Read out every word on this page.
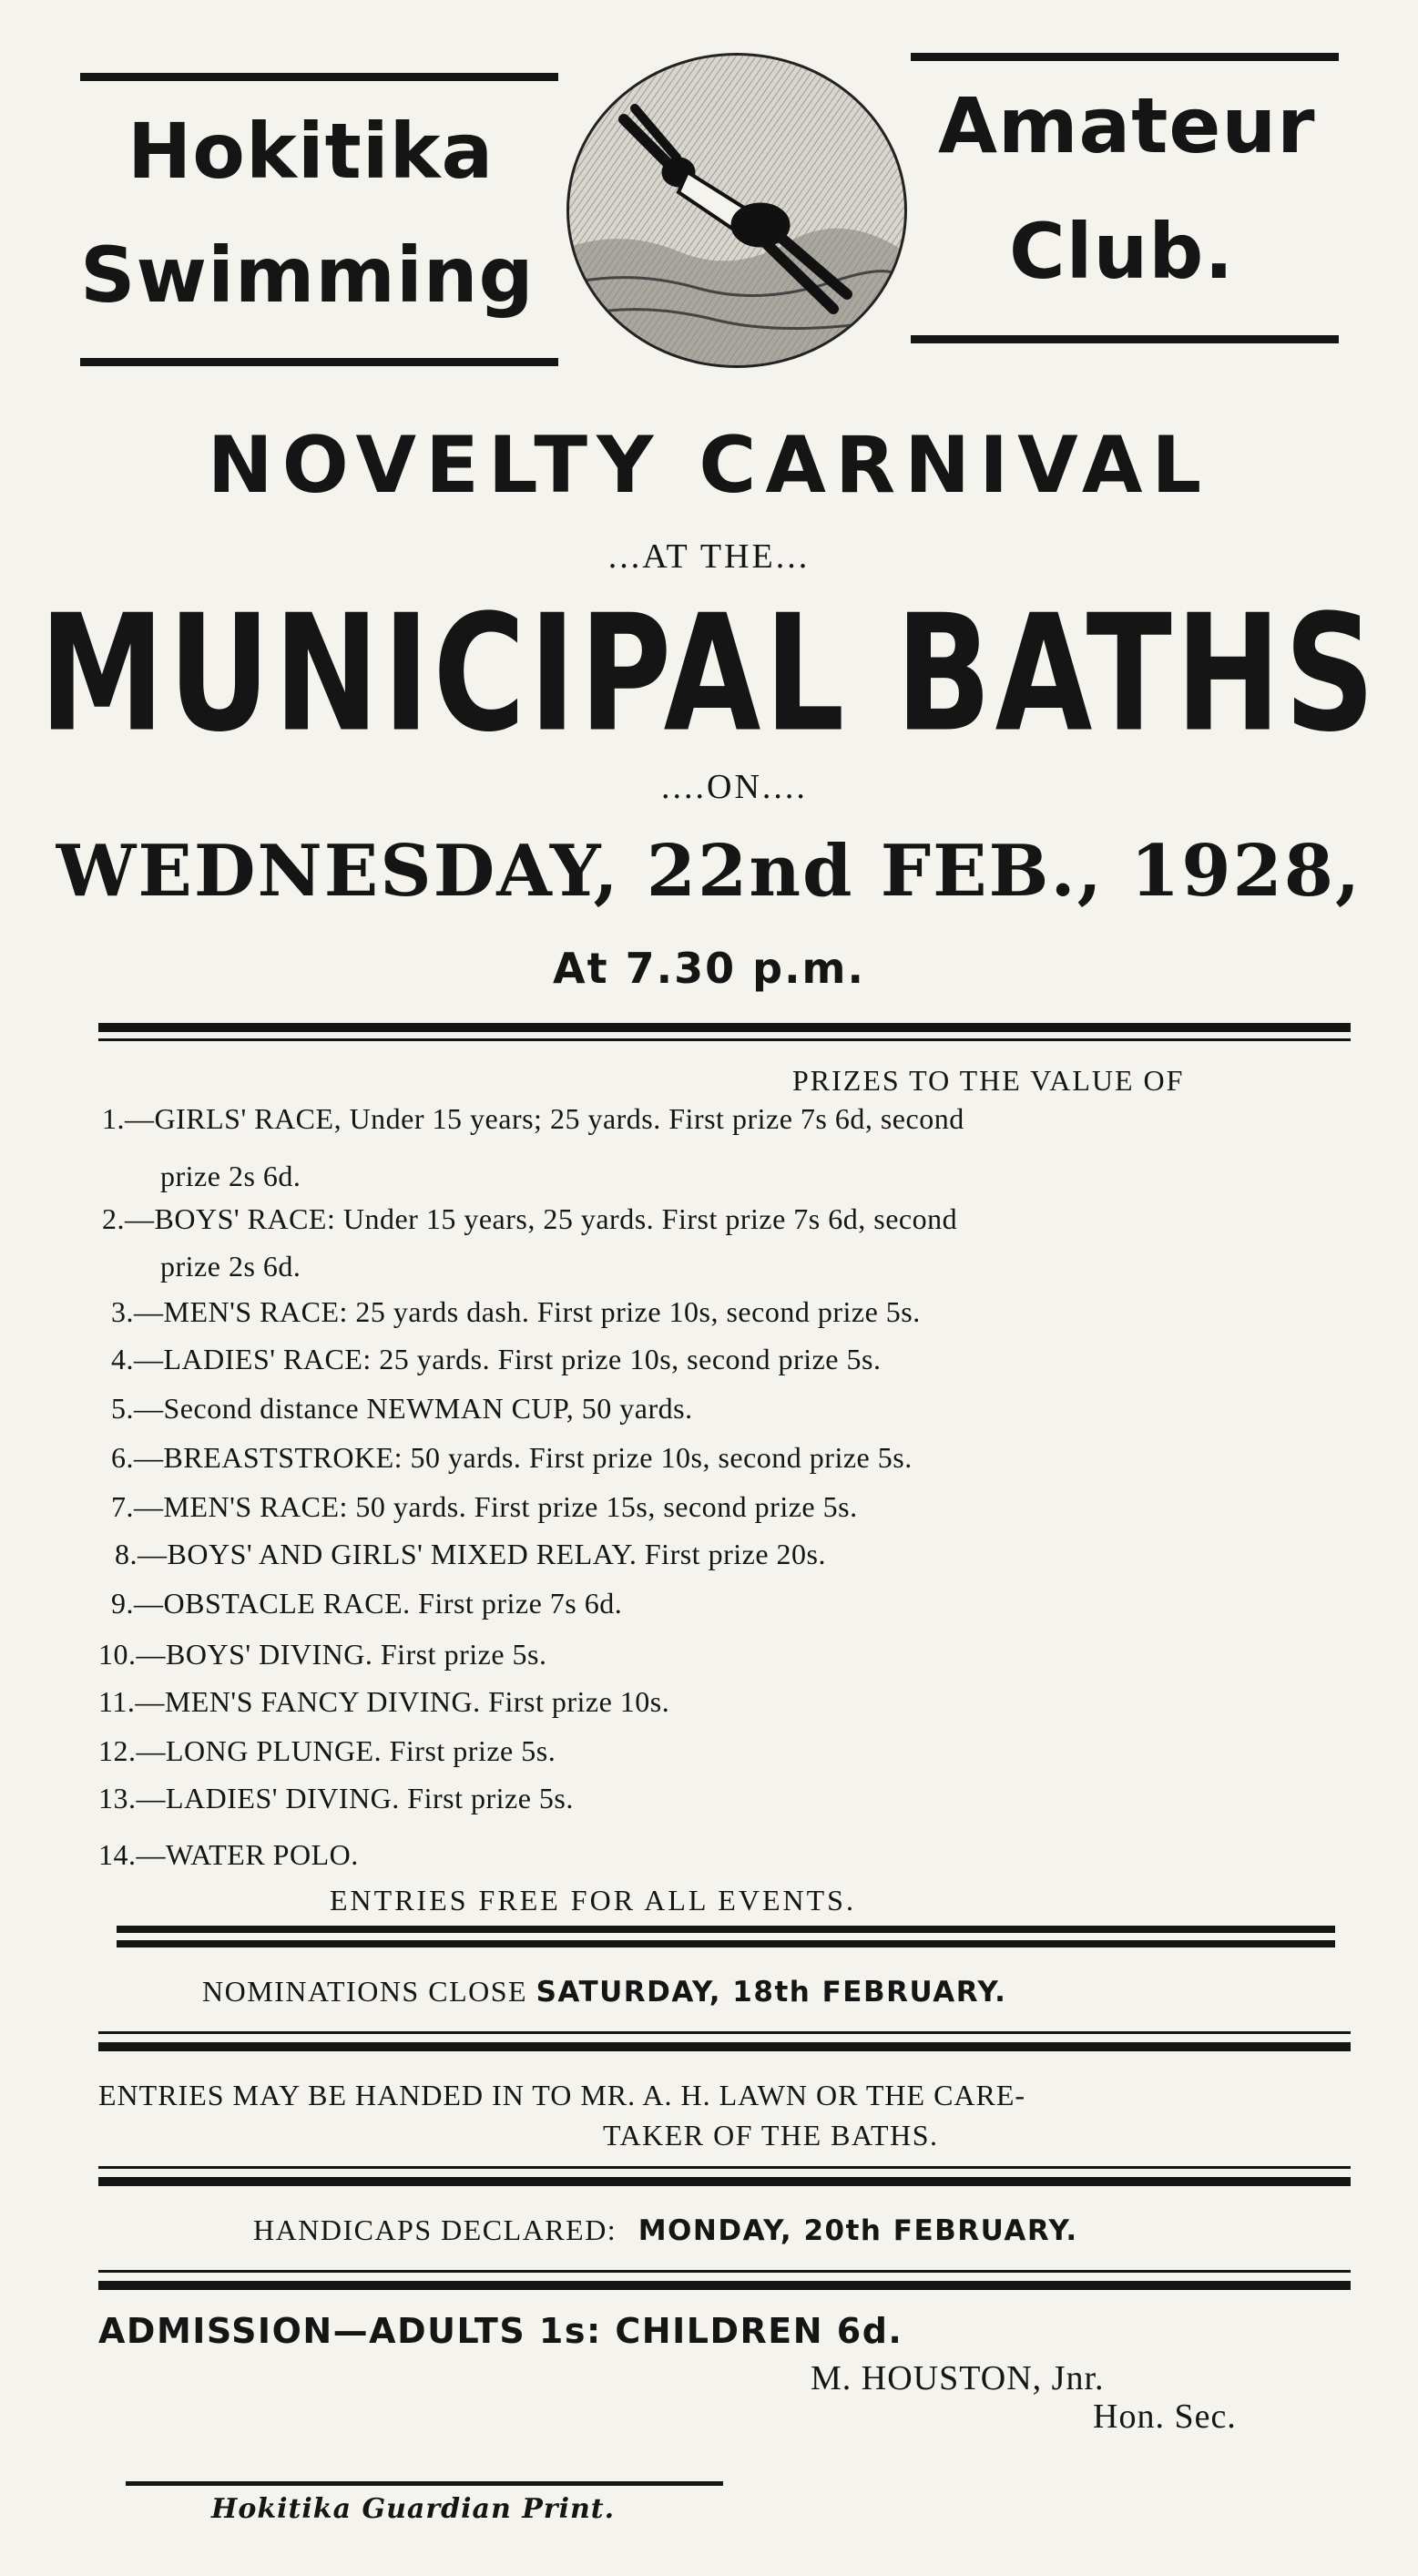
Hokitika
Swimming
Amateur
Club.
NOVELTY CARNIVAL
...AT THE...
MUNICIPAL BATHS
....ON....
WEDNESDAY, 22nd FEB., 1928,
At 7.30 p.m.
PRIZES TO THE VALUE OF
1.—GIRLS' RACE, Under 15 years; 25 yards. First prize 7s 6d, second
prize 2s 6d.
2.—BOYS' RACE: Under 15 years, 25 yards. First prize 7s 6d, second
prize 2s 6d.
3.—MEN'S RACE: 25 yards dash. First prize 10s, second prize 5s.
4.—LADIES' RACE: 25 yards. First prize 10s, second prize 5s.
5.—Second distance NEWMAN CUP, 50 yards.
6.—BREASTSTROKE: 50 yards. First prize 10s, second prize 5s.
7.—MEN'S RACE: 50 yards. First prize 15s, second prize 5s.
8.—BOYS' AND GIRLS' MIXED RELAY. First prize 20s.
9.—OBSTACLE RACE. First prize 7s 6d.
10.—BOYS' DIVING. First prize 5s.
11.—MEN'S FANCY DIVING. First prize 10s.
12.—LONG PLUNGE. First prize 5s.
13.—LADIES' DIVING. First prize 5s.
14.—WATER POLO.
ENTRIES FREE FOR ALL EVENTS.
NOMINATIONS CLOSE SATURDAY, 18th FEBRUARY.
ENTRIES MAY BE HANDED IN TO MR. A. H. LAWN OR THE CARE-
TAKER OF THE BATHS.
HANDICAPS DECLARED: MONDAY, 20th FEBRUARY.
ADMISSION—ADULTS 1s: CHILDREN 6d.
M. HOUSTON, Jnr.
Hon. Sec.
Hokitika Guardian Print.
